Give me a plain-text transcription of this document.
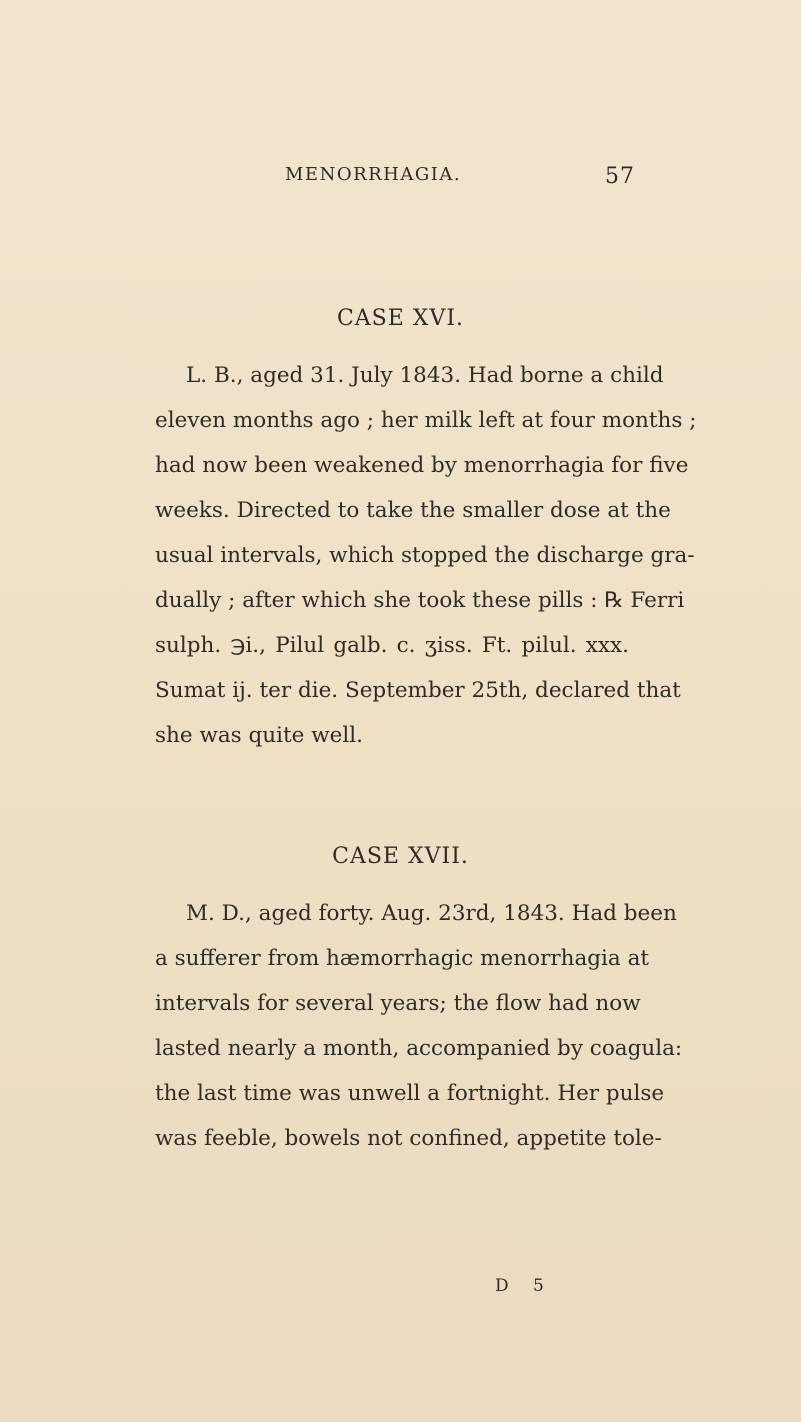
MENORRHAGIA.	57
CASE XVI.
L. B., aged 31. July 1843. Had borne a child
eleven months ago ; her milk left at four months ;
had now been weakened by menorrhagia for five
weeks. Directed to take the smaller dose at the
usual intervals, which stopped the discharge gra-
dually ; after which she took these pills : ℞ Ferri
sulph. ℈i., Pilul galb. c. ʒiss. Ft. pilul. xxx.
Sumat ij. ter die. September 25th, declared that
she was quite well.
CASE XVII.
M. D., aged forty. Aug. 23rd, 1843. Had been
a sufferer from hæmorrhagic menorrhagia at
intervals for several years; the flow had now
lasted nearly a month, accompanied by coagula:
the last time was unwell a fortnight. Her pulse
was feeble, bowels not confined, appetite tole-
D 5
